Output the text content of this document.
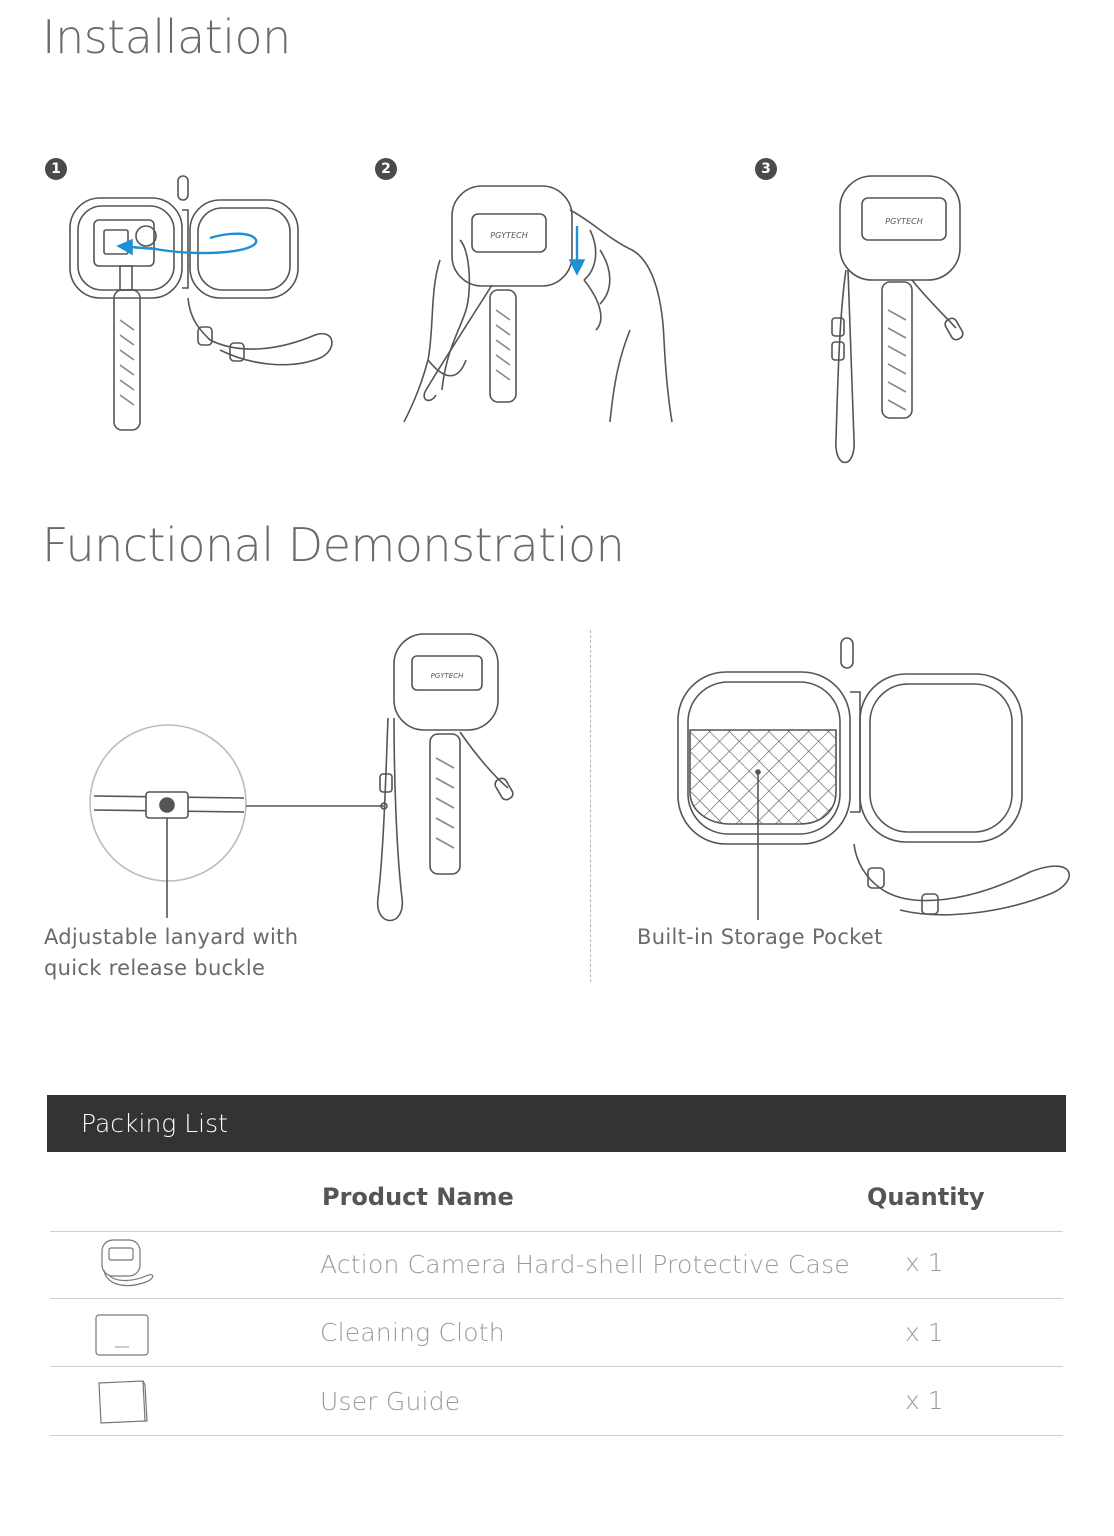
Installation
1	2	3
PGYTECH
PGYTECH
Functional Demonstration
PGYTECH
Adjustable lanyard with
quick release buckle
Built-in Storage Pocket
Packing List
Product Name	Quantity
Action Camera Hard-shell Protective Case x 1
Cleaning Cloth	x 1
User Guide	x 1
